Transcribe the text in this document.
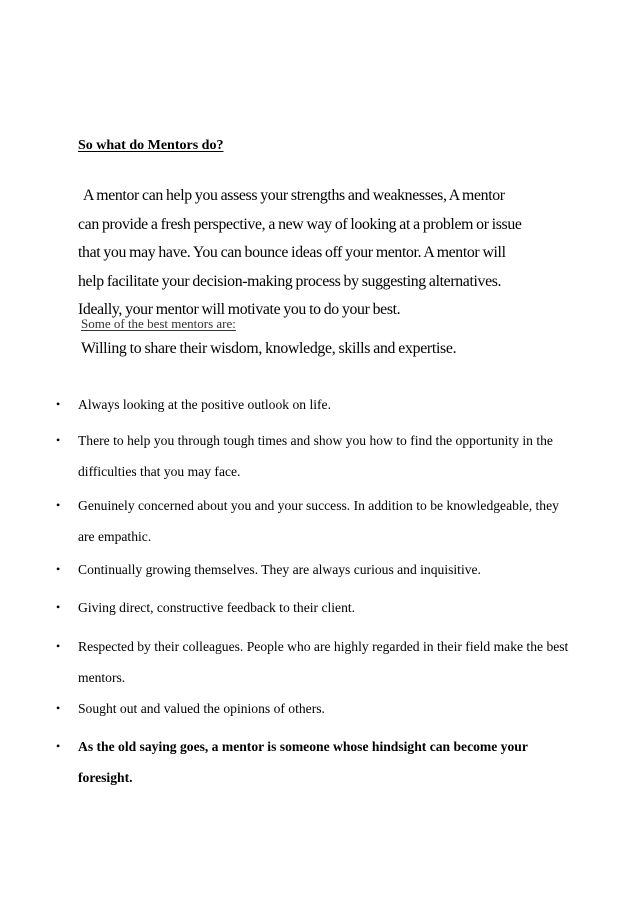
So what do Mentors do?

A mentor can help you assess your strengths and weaknesses, A mentor

can provide a fresh perspective, a new way of looking at a problem or issue

that you may have. You can bounce ideas off your mentor. A mentor will

help facilitate your decision-making process by suggesting alternatives.

Ideally, your mentor will motivate you to do your best.

Some of the best mentors are:
Willing to share their wisdom, knowledge, skills and expertise.
• Always looking at the positive outlook on life.
• There to help you through tough times and show you how to find the opportunity in the difficulties that you may face.
• Genuinely concerned about you and your success. In addition to be knowledgeable, they are empathic.
• Continually growing themselves. They are always curious and inquisitive.
• Giving direct, constructive feedback to their client.
• Respected by their colleagues. People who are highly regarded in their field make the best mentors.
• Sought out and valued the opinions of others.
• As the old saying goes, a mentor is someone whose hindsight can become your foresight.
